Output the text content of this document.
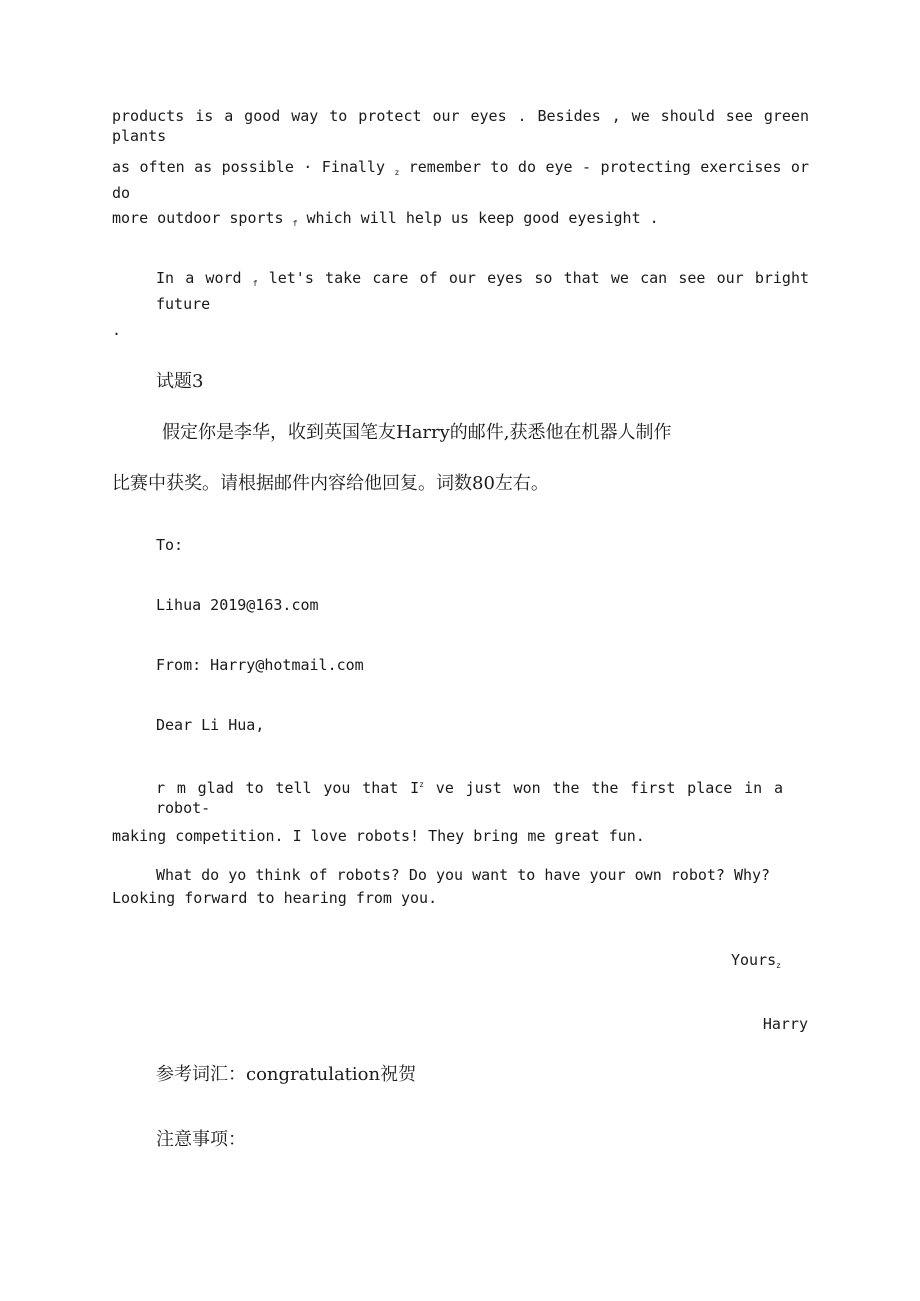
products is a good way to protect our eyes . Besides , we should see green plants
as often as possible · Finally $_z$ remember to do eye - protecting exercises or do
more outdoor sports $_f$ which will help us keep good eyesight .
In a word $_f$ let's take care of our eyes so that we can see our bright future
.
试题3
假定你是李华，收到英国笔友Harry的邮件,获悉他在机器人制作
比赛中获奖。请根据邮件内容给他回复。词数80左右。
To:
Lihua 2019@163.com
From: Harry@hotmail.com
Dear Li Hua,
r m glad to tell you that $I^z$ ve just won the the first place in a robot-
making competition. I love robots! They bring me great fun.
What do yo think of robots? Do you want to have your own robot? Why?
Looking forward to hearing from you.
Yours$_z$
Harry
参考词汇：congratulation祝贺
注意事项：
